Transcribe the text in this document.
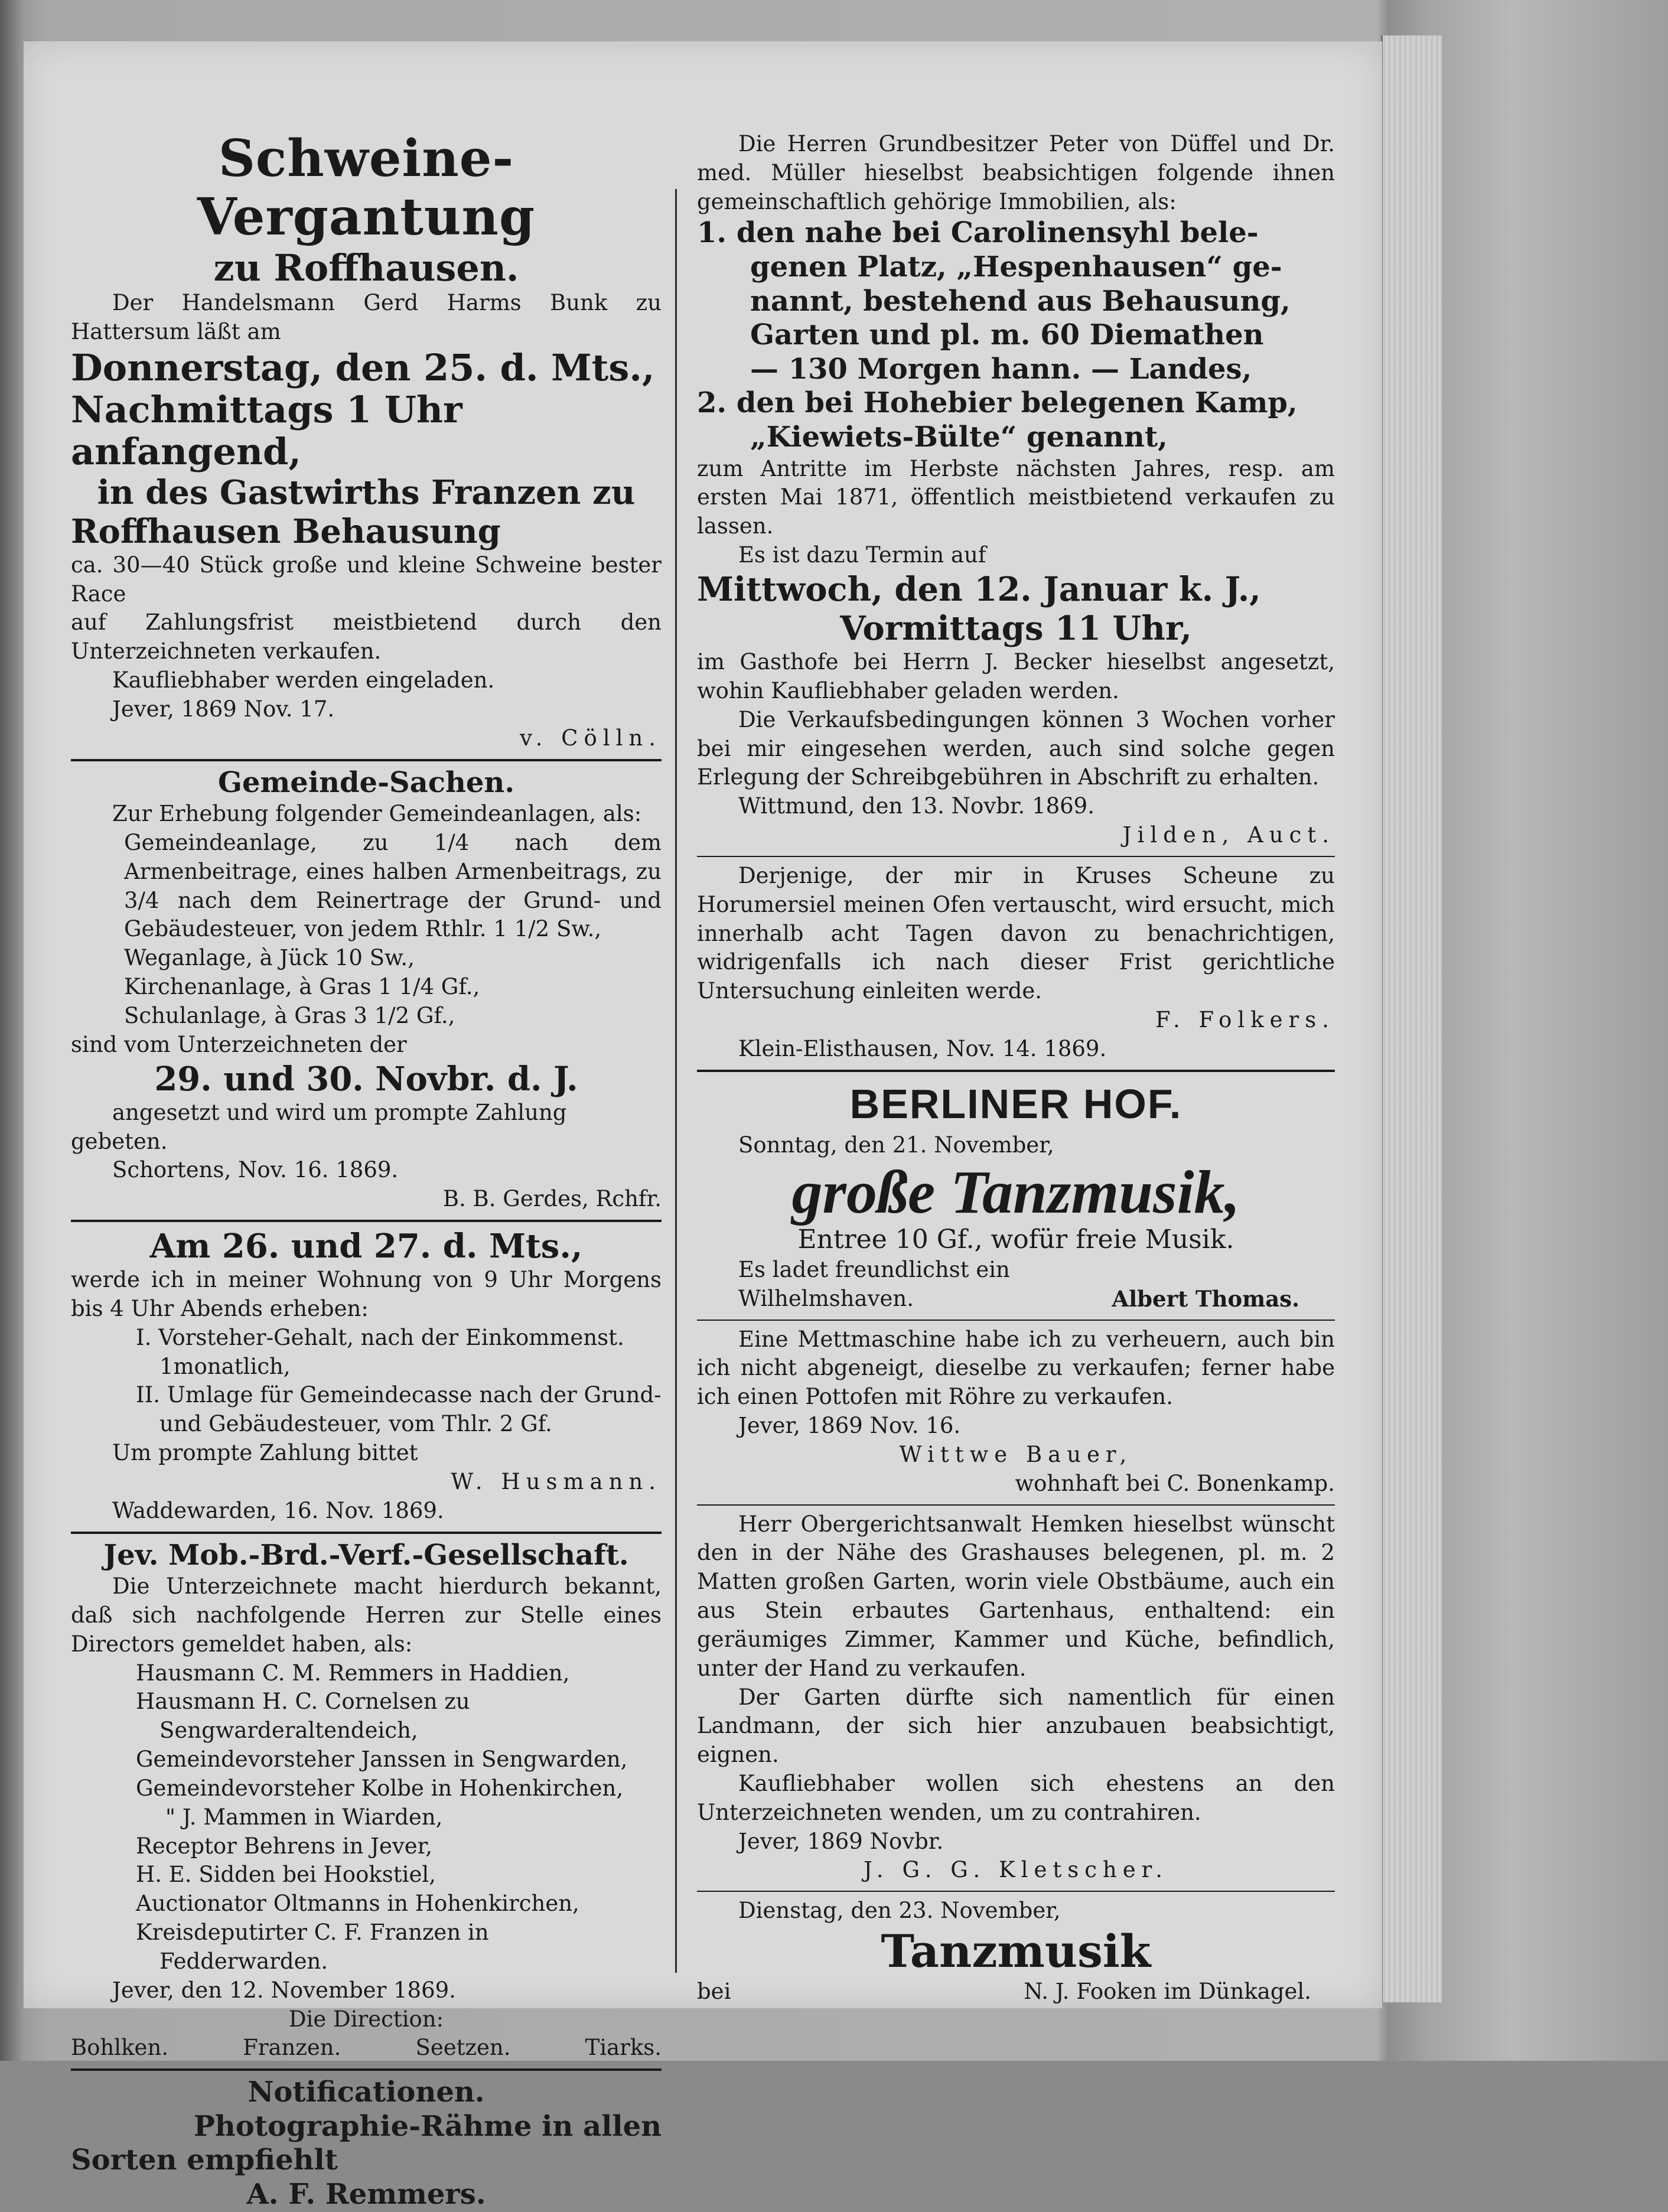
Schweine-Vergantung

zu Roffhausen.

Der Handelsmann Gerd Harms Bunk zu Hattersum läßt am

Donnerstag, den 25. d. Mts.,

Nachmittags 1 Uhr anfangend,

in des Gastwirths Franzen zu

Roffhausen Behausung

ca. 30—40 Stück große und kleine Schweine bester Race

auf Zahlungsfrist meistbietend durch den Unterzeichneten verkaufen.

Kaufliebhaber werden eingeladen.

Jever, 1869 Nov. 17.

v. Cölln.

Gemeinde-Sachen.

Zur Erhebung folgender Gemeindeanlagen, als:

Gemeindeanlage, zu 1/4 nach dem Armenbeitrage, eines halben Armenbeitrags, zu 3/4 nach dem Reinertrage der Grund- und Gebäudesteuer, von jedem Rthlr. 1 1/2 Sw.,

Weganlage, à Jück 10 Sw.,

Kirchenanlage, à Gras 1 1/4 Gf.,

Schulanlage, à Gras 3 1/2 Gf.,

sind vom Unterzeichneten der

29. und 30. Novbr. d. J.

angesetzt und wird um prompte Zahlung gebeten.

Schortens, Nov. 16. 1869.

B. B. Gerdes, Rchfr.

Am 26. und 27. d. Mts.,

werde ich in meiner Wohnung von 9 Uhr Morgens bis 4 Uhr Abends erheben:

I. Vorsteher-Gehalt, nach der Einkommenst. 1monatlich,

II. Umlage für Gemeindecasse nach der Grund- und Gebäudesteuer, vom Thlr. 2 Gf.

Um prompte Zahlung bittet

W. Husmann.

Waddewarden, 16. Nov. 1869.

Jev. Mob.-Brd.-Verf.-Gesellschaft.

Die Unterzeichnete macht hierdurch bekannt, daß sich nachfolgende Herren zur Stelle eines Directors gemeldet haben, als:

Hausmann C. M. Remmers in Haddien,

Hausmann H. C. Cornelsen zu Sengwarderaltendeich,

Gemeindevorsteher Janssen in Sengwarden,

Gemeindevorsteher Kolbe in Hohenkirchen,

" J. Mammen in Wiarden,

Receptor Behrens in Jever,

H. E. Sidden bei Hookstiel,

Auctionator Oltmanns in Hohenkirchen,

Kreisdeputirter C. F. Franzen in Fedderwarden.

Jever, den 12. November 1869.

Die Direction:

Bohlken.	Franzen.	Seetzen.	Tiarks.

Notificationen.

Photographie-Rähme in allen

Sorten empfiehlt

A. F. Remmers.

Die Herren Grundbesitzer Peter von Düffel und Dr. med. Müller hieselbst beabsichtigen folgende ihnen gemeinschaftlich gehörige Immobilien, als:

1. den nahe bei Carolinensyhl bele-

genen Platz, „Hespenhausen“ ge-

nannt, bestehend aus Behausung,

Garten und pl. m. 60 Diemathen

— 130 Morgen hann. — Landes,

2. den bei Hohebier belegenen Kamp,

„Kiewiets-Bülte“ genannt,

zum Antritte im Herbste nächsten Jahres, resp. am ersten Mai 1871, öffentlich meistbietend verkaufen zu lassen.

Es ist dazu Termin auf

Mittwoch, den 12. Januar k. J.,

Vormittags 11 Uhr,

im Gasthofe bei Herrn J. Becker hieselbst angesetzt, wohin Kaufliebhaber geladen werden.

Die Verkaufsbedingungen können 3 Wochen vorher bei mir eingesehen werden, auch sind solche gegen Erlegung der Schreibgebühren in Abschrift zu erhalten.

Wittmund, den 13. Novbr. 1869.

Jilden, Auct.

Derjenige, der mir in Kruses Scheune zu Horumersiel meinen Ofen vertauscht, wird ersucht, mich innerhalb acht Tagen davon zu benachrichtigen, widrigenfalls ich nach dieser Frist gerichtliche Untersuchung einleiten werde.

F. Folkers.

Klein-Elisthausen, Nov. 14. 1869.

BERLINER HOF.

Sonntag, den 21. November,

große Tanzmusik,

Entree 10 Gf., wofür freie Musik.

Es ladet freundlichst ein

Wilhelmshaven.	Albert Thomas.

Eine Mettmaschine habe ich zu verheuern, auch bin ich nicht abgeneigt, dieselbe zu verkaufen; ferner habe ich einen Pottofen mit Röhre zu verkaufen.

Jever, 1869 Nov. 16.

Wittwe Bauer,

wohnhaft bei C. Bonenkamp.

Herr Obergerichtsanwalt Hemken hieselbst wünscht den in der Nähe des Grashauses belegenen, pl. m. 2 Matten großen Garten, worin viele Obstbäume, auch ein aus Stein erbautes Gartenhaus, enthaltend: ein geräumiges Zimmer, Kammer und Küche, befindlich, unter der Hand zu verkaufen.

Der Garten dürfte sich namentlich für einen Landmann, der sich hier anzubauen beabsichtigt, eignen.

Kaufliebhaber wollen sich ehestens an den Unterzeichneten wenden, um zu contrahiren.

Jever, 1869 Novbr.

J. G. G. Kletscher.

Dienstag, den 23. November,

Tanzmusik

bei	N. J. Fooken im Dünkagel.
